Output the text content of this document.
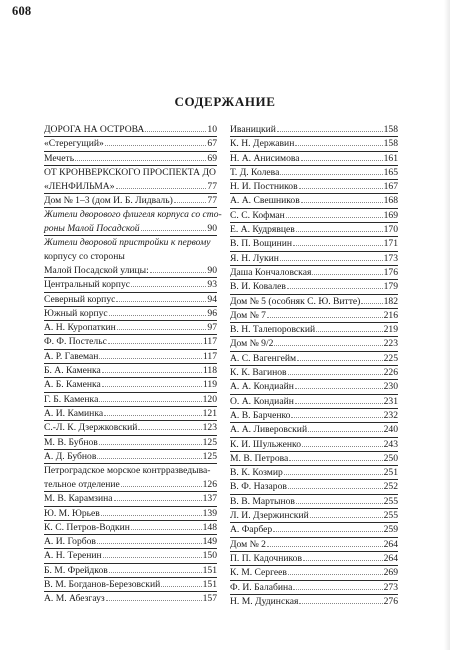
608
СОДЕРЖАНИЕ
ДОРОГА НА ОСТРОВА	10
«Стерегущий»	67
Мечеть	69
ОТ КРОНВЕРКСКОГО ПРОСПЕКТА ДО
«ЛЕНФИЛЬМА»	77
Дом № 1–3 (дом И. Б. Лидваль)	77
Жители дворового флигеля корпуса со сто-
роны Малой Посадской	90
Жители дворовой пристройки к первому
корпусу со стороны
Малой Посадской улицы:	90
Центральный корпус	93
Северный корпус	94
Южный корпус	96
А. Н. Куропаткин	97
Ф. Ф. Постельс	117
А. Р. Гавеман	117
Б. А. Каменка	118
А. Б. Каменка	119
Г. Б. Каменка	120
А. И. Каминка	121
С.-Л. К. Дзержковский	123
М. В. Бубнов	125
А. Д. Бубнов	125
Петроградское морское контрразведыва-
тельное отделение	126
М. В. Карамзина	137
Ю. М. Юрьев	139
К. С. Петров-Водкин	148
А. И. Горбов	149
А. Н. Теренин	150
Б. М. Фрейдков	151
В. М. Богданов-Березовский	151
А. М. Абезгауз	157
Иваницкий	158
К. Н. Державин	158
Н. А. Анисимова	161
Т. Д. Колева	165
Н. И. Постников	167
А. А. Свешников	168
С. С. Кофман	169
Е. А. Кудрявцев	170
В. П. Вощинин	171
Я. Н. Лукин	173
Даша Кончаловская	176
В. И. Ковалев	179
Дом № 5 (особняк С. Ю. Витте) 182
Дом № 7	216
В. Н. Талепоровский	219
Дом № 9/2	223
А. С. Вагенгейм	225
К. К. Вагинов	226
А. А. Кондиайн	230
О. А. Кондиайн	231
А. В. Барченко	232
А. А. Ливеровский	240
К. И. Шульженко	243
М. В. Петрова	250
В. К. Козмир	251
В. Ф. Назаров	252
В. В. Мартынов	255
Л. И. Дзержинский	255
А. Фарбер	259
Дом № 2	264
П. П. Кадочников	264
К. М. Сергеев	269
Ф. И. Балабина	273
Н. М. Дудинская	276
